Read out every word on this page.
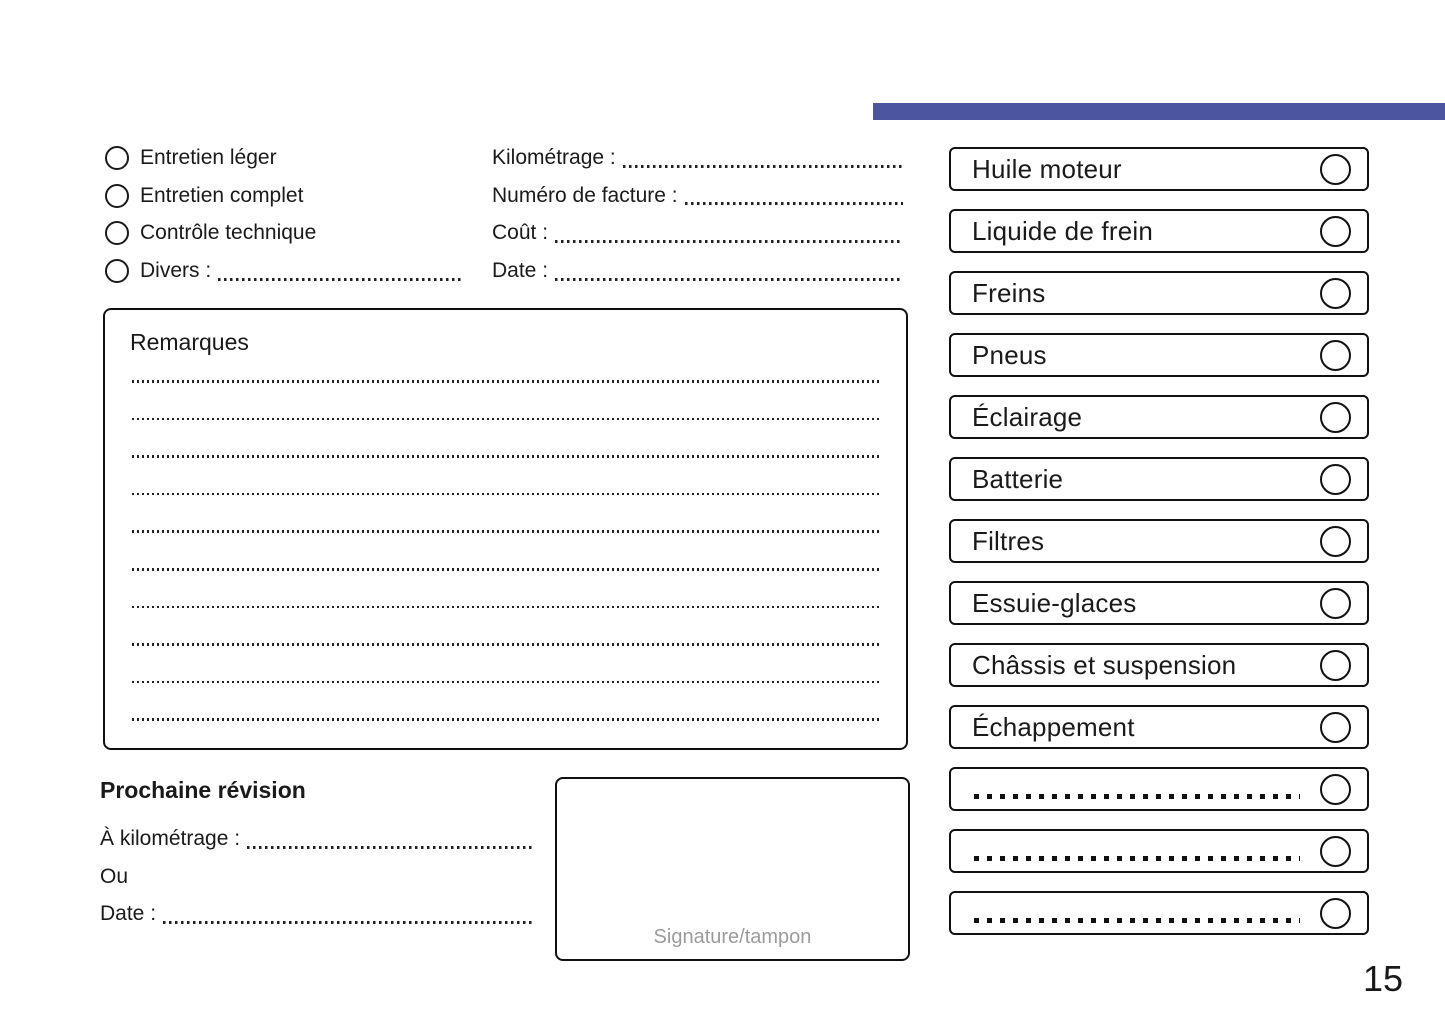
Entretien léger
Entretien complet
Contrôle technique
Divers :
Kilométrage :
Numéro de facture :
Coût :
Date :
Remarques
Prochaine révision
À kilométrage :
Ou
Date :
Signature/tampon
Huile moteur
Liquide de frein
Freins
Pneus
Éclairage
Batterie
Filtres
Essuie-glaces
Châssis et suspension
Échappement
15
